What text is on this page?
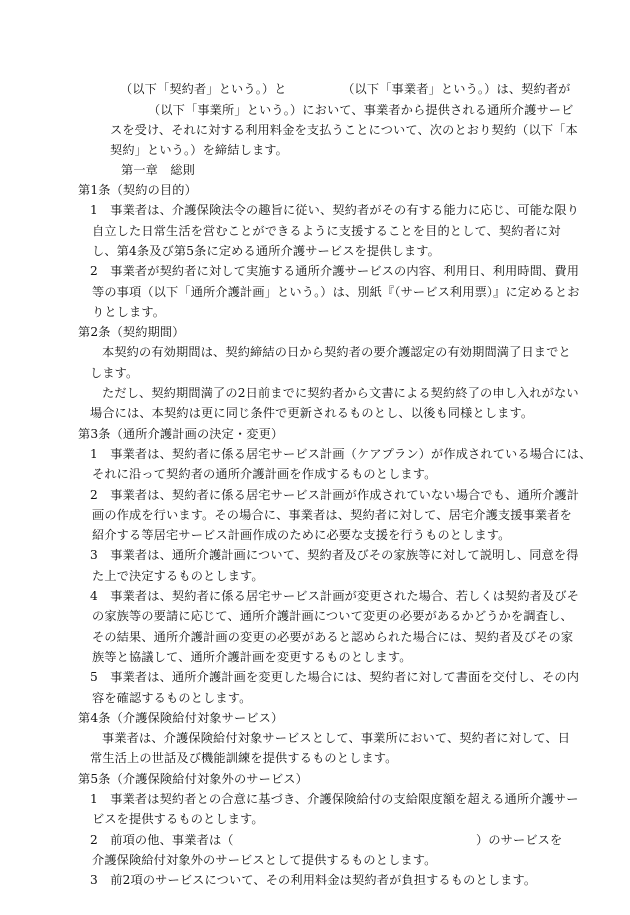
（以下「契約者」という。）と　　　　　（以下「事業者」という。）は、契約者が
（以下「事業所」という。）において、事業者から提供される通所介護サービ
スを受け、それに対する利用料金を支払うことについて、次のとおり契約（以下「本
契約」という。）を締結します。
第一章　総則
第1条（契約の目的）
1　事業者は、介護保険法令の趣旨に従い、契約者がその有する能力に応じ、可能な限り
自立した日常生活を営むことができるように支援することを目的として、契約者に対
し、第4条及び第5条に定める通所介護サービスを提供します。
2　事業者が契約者に対して実施する通所介護サービスの内容、利用日、利用時間、費用
等の事項（以下「通所介護計画」という。）は、別紙『（サービス利用票）』に定めるとお
りとします。
第2条（契約期間）
本契約の有効期間は、契約締結の日から契約者の要介護認定の有効期間満了日までと
します。
ただし、契約期間満了の2日前までに契約者から文書による契約終了の申し入れがない
場合には、本契約は更に同じ条件で更新されるものとし、以後も同様とします。
第3条（通所介護計画の決定・変更）
1　事業者は、契約者に係る居宅サービス計画（ケアプラン）が作成されている場合には、
それに沿って契約者の通所介護計画を作成するものとします。
2　事業者は、契約者に係る居宅サービス計画が作成されていない場合でも、通所介護計
画の作成を行います。その場合に、事業者は、契約者に対して、居宅介護支援事業者を
紹介する等居宅サービス計画作成のために必要な支援を行うものとします。
3　事業者は、通所介護計画について、契約者及びその家族等に対して説明し、同意を得
た上で決定するものとします。
4　事業者は、契約者に係る居宅サービス計画が変更された場合、若しくは契約者及びそ
の家族等の要請に応じて、通所介護計画について変更の必要があるかどうかを調査し、
その結果、通所介護計画の変更の必要があると認められた場合には、契約者及びその家
族等と協議して、通所介護計画を変更するものとします。
5　事業者は、通所介護計画を変更した場合には、契約者に対して書面を交付し、その内
容を確認するものとします。
第4条（介護保険給付対象サービス）
事業者は、介護保険給付対象サービスとして、事業所において、契約者に対して、日
常生活上の世話及び機能訓練を提供するものとします。
第5条（介護保険給付対象外のサービス）
1　事業者は契約者との合意に基づき、介護保険給付の支給限度額を超える通所介護サー
ビスを提供するものとします。
2　前項の他、事業者は（	）のサービスを
介護保険給付対象外のサービスとして提供するものとします。
3　前2項のサービスについて、その利用料金は契約者が負担するものとします。
